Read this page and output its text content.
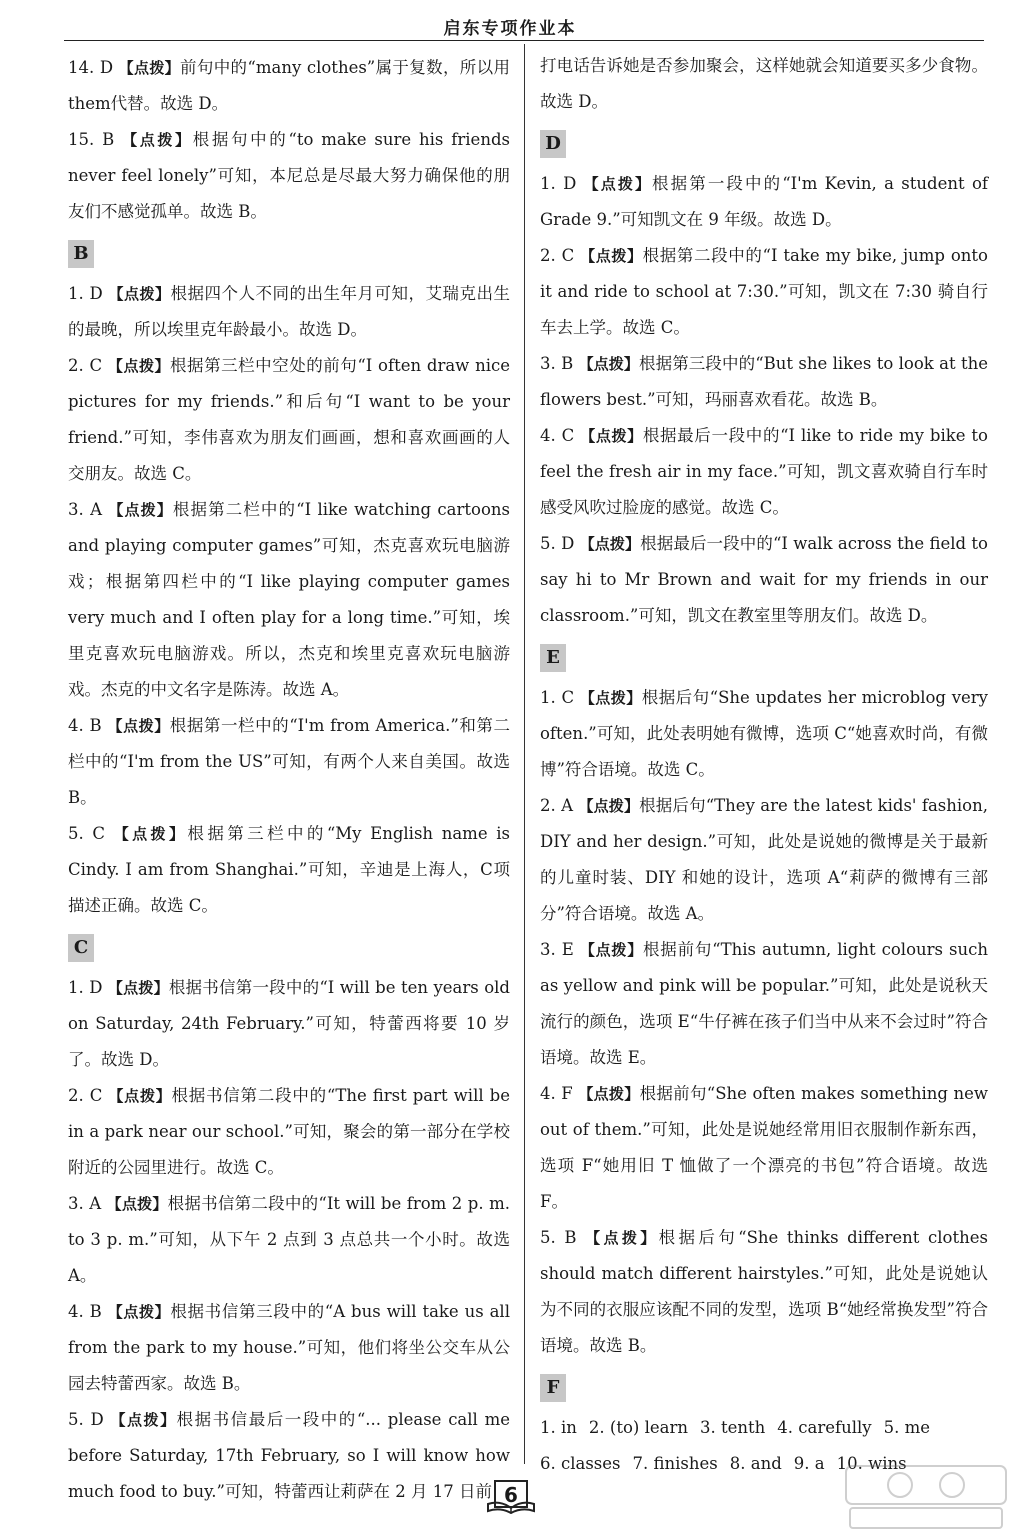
启东专项作业本
14. D 【点拨】前句中的“many clothes”属于复数，所以用them代替。故选 D。
15. B 【点拨】根据句中的“to make sure his friends never feel lonely”可知，本尼总是尽最大努力确保他的朋友们不感觉孤单。故选 B。
B
1. D 【点拨】根据四个人不同的出生年月可知，艾瑞克出生的最晚，所以埃里克年龄最小。故选 D。
2. C 【点拨】根据第三栏中空处的前句“I often draw nice pictures for my friends.”和后句“I want to be your friend.”可知，李伟喜欢为朋友们画画，想和喜欢画画的人交朋友。故选 C。
3. A 【点拨】根据第二栏中的“I like watching cartoons and playing computer games”可知，杰克喜欢玩电脑游戏；根据第四栏中的“I like playing computer games very much and I often play for a long time.”可知，埃里克喜欢玩电脑游戏。所以，杰克和埃里克喜欢玩电脑游戏。杰克的中文名字是陈涛。故选 A。
4. B 【点拨】根据第一栏中的“I'm from America.”和第二栏中的“I'm from the US”可知，有两个人来自美国。故选 B。
5. C 【点拨】根据第三栏中的“My English name is Cindy. I am from Shanghai.”可知，辛迪是上海人，C项描述正确。故选 C。
C
1. D 【点拨】根据书信第一段中的“I will be ten years old on Saturday, 24th February.”可知，特蕾西将要 10 岁了。故选 D。
2. C 【点拨】根据书信第二段中的“The first part will be in a park near our school.”可知，聚会的第一部分在学校附近的公园里进行。故选 C。
3. A 【点拨】根据书信第二段中的“It will be from 2 p. m. to 3 p. m.”可知，从下午 2 点到 3 点总共一个小时。故选 A。
4. B 【点拨】根据书信第三段中的“A bus will take us all from the park to my house.”可知，他们将坐公交车从公园去特蕾西家。故选 B。
5. D 【点拨】根据书信最后一段中的“... please call me before Saturday, 17th February, so I will know how much food to buy.”可知，特蕾西让莉萨在 2 月 17 日前
打电话告诉她是否参加聚会，这样她就会知道要买多少食物。故选 D。
D
1. D 【点拨】根据第一段中的“I'm Kevin, a student of Grade 9.”可知凯文在 9 年级。故选 D。
2. C 【点拨】根据第二段中的“I take my bike, jump onto it and ride to school at 7:30.”可知，凯文在 7:30 骑自行车去上学。故选 C。
3. B 【点拨】根据第三段中的“But she likes to look at the flowers best.”可知，玛丽喜欢看花。故选 B。
4. C 【点拨】根据最后一段中的“I like to ride my bike to feel the fresh air in my face.”可知，凯文喜欢骑自行车时感受风吹过脸庞的感觉。故选 C。
5. D 【点拨】根据最后一段中的“I walk across the field to say hi to Mr Brown and wait for my friends in our classroom.”可知，凯文在教室里等朋友们。故选 D。
E
1. C 【点拨】根据后句“She updates her microblog very often.”可知，此处表明她有微博，选项 C“她喜欢时尚，有微博”符合语境。故选 C。
2. A 【点拨】根据后句“They are the latest kids' fashion, DIY and her design.”可知，此处是说她的微博是关于最新的儿童时装、DIY 和她的设计，选项 A“莉萨的微博有三部分”符合语境。故选 A。
3. E 【点拨】根据前句“This autumn, light colours such as yellow and pink will be popular.”可知，此处是说秋天流行的颜色，选项 E“牛仔裤在孩子们当中从来不会过时”符合语境。故选 E。
4. F 【点拨】根据前句“She often makes something new out of them.”可知，此处是说她经常用旧衣服制作新东西，选项 F“她用旧 T 恤做了一个漂亮的书包”符合语境。故选 F。
5. B 【点拨】根据后句“She thinks different clothes should match different hairstyles.”可知，此处是说她认为不同的衣服应该配不同的发型，选项 B“她经常换发型”符合语境。故选 B。
F
1. in 2. (to) learn 3. tenth 4. carefully 5. me
6. classes 7. finishes 8. and 9. a 10. wins
6
